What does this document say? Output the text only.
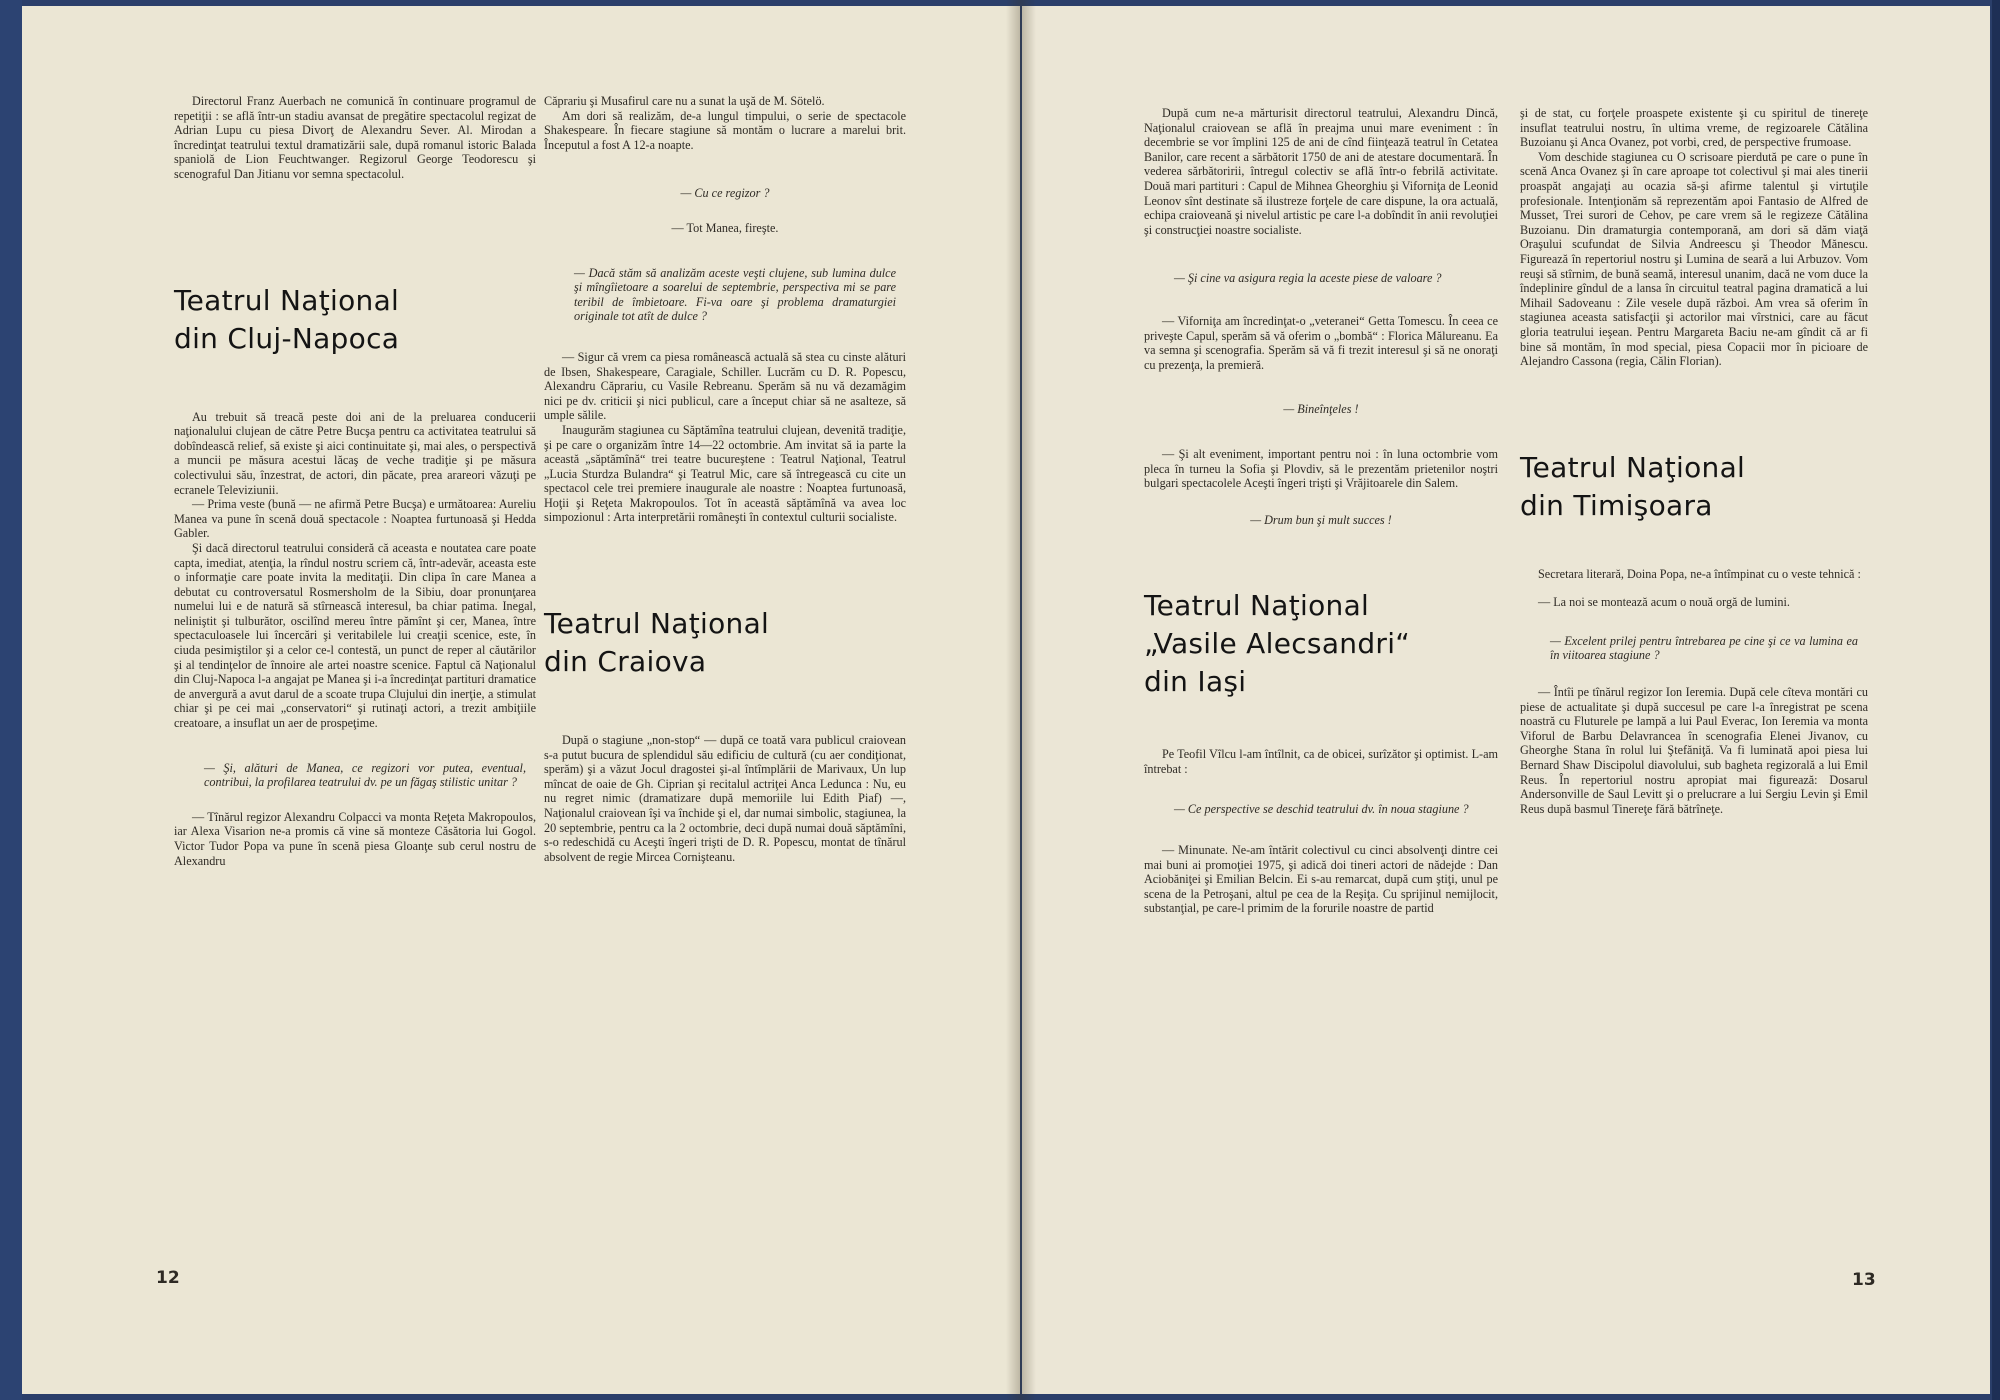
Directorul Franz Auerbach ne comunică în continuare programul de repetiţii : se află într-un stadiu avansat de pregătire spectacolul regizat de Adrian Lupu cu piesa Divorţ de Alexandru Sever. Al. Mirodan a încredinţat teatrului textul dramatizării sale, după romanul istoric Balada spaniolă de Lion Feuchtwanger. Regizorul George Teodorescu şi scenograful Dan Jitianu vor semna spectacolul.

Teatrul Naţional
din Cluj-Napoca

Au trebuit să treacă peste doi ani de la preluarea conducerii naţionalului clujean de către Petre Bucşa pentru ca activitatea teatrului să dobîndească relief, să existe şi aici continuitate şi, mai ales, o perspectivă a muncii pe măsura acestui lăcaş de veche tradiţie şi pe măsura colectivului său, înzestrat, de actori, din păcate, prea arareori văzuţi pe ecranele Televiziunii.

— Prima veste (bună — ne afirmă Petre Bucşa) e următoarea: Aureliu Manea va pune în scenă două spectacole : Noaptea furtunoasă şi Hedda Gabler.

Şi dacă directorul teatrului consideră că aceasta e noutatea care poate capta, imediat, atenţia, la rîndul nostru scriem că, într-adevăr, aceasta este o informaţie care poate invita la meditaţii. Din clipa în care Manea a debutat cu controversatul Rosmersholm de la Sibiu, doar pronunţarea numelui lui e de natură să stîrnească interesul, ba chiar patima. Inegal, neliniştit şi tulburător, oscilînd mereu între pămînt şi cer, Manea, între spectaculoasele lui încercări şi veritabilele lui creaţii scenice, este, în ciuda pesimiştilor şi a celor ce-l contestă, un punct de reper al căutărilor şi al tendinţelor de înnoire ale artei noastre scenice. Faptul că Naţionalul din Cluj-Napoca l-a angajat pe Manea şi i-a încredinţat partituri dramatice de anvergură a avut darul de a scoate trupa Clujului din inerţie, a stimulat chiar şi pe cei mai „conservatori“ şi rutinaţi actori, a trezit ambiţiile creatoare, a insuflat un aer de prospeţime.

— Şi, alături de Manea, ce regizori vor putea, eventual, contribui, la profilarea teatrului dv. pe un făgaş stilistic unitar ?

— Tînărul regizor Alexandru Colpacci va monta Reţeta Makropoulos, iar Alexa Visarion ne-a promis că vine să monteze Căsătoria lui Gogol. Victor Tudor Popa va pune în scenă piesa Gloanţe sub cerul nostru de Alexandru

Căprariu şi Musafirul care nu a sunat la uşă de M. Sötelö.

Am dori să realizăm, de-a lungul timpului, o serie de spectacole Shakespeare. În fiecare stagiune să montăm o lucrare a marelui brit. Începutul a fost A 12-a noapte.

— Cu ce regizor ?

— Tot Manea, fireşte.

— Dacă stăm să analizăm aceste veşti clujene, sub lumina dulce şi mîngîietoare a soarelui de septembrie, perspectiva mi se pare teribil de îmbietoare. Fi-va oare şi problema dramaturgiei originale tot atît de dulce ?

— Sigur că vrem ca piesa românească actuală să stea cu cinste alături de Ibsen, Shakespeare, Caragiale, Schiller. Lucrăm cu D. R. Popescu, Alexandru Căprariu, cu Vasile Rebreanu. Sperăm să nu vă dezamăgim nici pe dv. criticii şi nici publicul, care a început chiar să ne asalteze, să umple sălile.

Inaugurăm stagiunea cu Săptămîna teatrului clujean, devenită tradiţie, şi pe care o organizăm între 14—22 octombrie. Am invitat să ia parte la această „săptămînă“ trei teatre bucureştene : Teatrul Naţional, Teatrul „Lucia Sturdza Bulandra“ şi Teatrul Mic, care să întregească cu cite un spectacol cele trei premiere inaugurale ale noastre : Noaptea furtunoasă, Hoţii şi Reţeta Makropoulos. Tot în această săptămînă va avea loc simpozionul : Arta interpretării româneşti în contextul culturii socialiste.

Teatrul Naţional
din Craiova

După o stagiune „non-stop“ — după ce toată vara publicul craiovean s-a putut bucura de splendidul său edificiu de cultură (cu aer condiţionat, sperăm) şi a văzut Jocul dragostei şi-al întîmplării de Marivaux, Un lup mîncat de oaie de Gh. Ciprian şi recitalul actriţei Anca Ledunca : Nu, eu nu regret nimic (dramatizare după memoriile lui Edith Piaf) —, Naţionalul craiovean îşi va închide şi el, dar numai simbolic, stagiunea, la 20 septembrie, pentru ca la 2 octombrie, deci după numai două săptămîni, s-o redeschidă cu Aceşti îngeri trişti de D. R. Popescu, montat de tînărul absolvent de regie Mircea Cornişteanu.

12

După cum ne-a mărturisit directorul teatrului, Alexandru Dincă, Naţionalul craiovean se află în preajma unui mare eveniment : în decembrie se vor împlini 125 de ani de cînd fiinţează teatrul în Cetatea Banilor, care recent a sărbătorit 1750 de ani de atestare documentară. În vederea sărbătoririi, întregul colectiv se află într-o febrilă activitate. Două mari partituri : Capul de Mihnea Gheorghiu şi Viforniţa de Leonid Leonov sînt destinate să ilustreze forţele de care dispune, la ora actuală, echipa craioveană şi nivelul artistic pe care l-a dobîndit în anii revoluţiei şi construcţiei noastre socialiste.

— Şi cine va asigura regia la aceste piese de valoare ?

— Viforniţa am încredinţat-o „veteranei“ Getta Tomescu. În ceea ce priveşte Capul, sperăm să vă oferim o „bombă“ : Florica Mălureanu. Ea va semna şi scenografia. Sperăm să vă fi trezit interesul şi să ne onoraţi cu prezenţa, la premieră.

— Bineînţeles !

— Şi alt eveniment, important pentru noi : în luna octombrie vom pleca în turneu la Sofia şi Plovdiv, să le prezentăm prietenilor noştri bulgari spectacolele Aceşti îngeri trişti şi Vrăjitoarele din Salem.

— Drum bun şi mult succes !

Teatrul Naţional
„Vasile Alecsandri“
din Iaşi

Pe Teofil Vîlcu l-am întîlnit, ca de obicei, surîzător şi optimist. L-am întrebat :

— Ce perspective se deschid teatrului dv. în noua stagiune ?

— Minunate. Ne-am întărit colectivul cu cinci absolvenţi dintre cei mai buni ai promoţiei 1975, şi adică doi tineri actori de nădejde : Dan Aciobăniţei şi Emilian Belcin. Ei s-au remarcat, după cum ştiţi, unul pe scena de la Petroşani, altul pe cea de la Reşiţa. Cu sprijinul nemijlocit, substanţial, pe care-l primim de la forurile noastre de partid

şi de stat, cu forţele proaspete existente şi cu spiritul de tinereţe insuflat teatrului nostru, în ultima vreme, de regizoarele Cătălina Buzoianu şi Anca Ovanez, pot vorbi, cred, de perspective frumoase.

Vom deschide stagiunea cu O scrisoare pierdută pe care o pune în scenă Anca Ovanez şi în care aproape tot colectivul şi mai ales tinerii proaspăt angajaţi au ocazia să-şi afirme talentul şi virtuţile profesionale. Intenţionăm să reprezentăm apoi Fantasio de Alfred de Musset, Trei surori de Cehov, pe care vrem să le regizeze Cătălina Buzoianu. Din dramaturgia contemporană, am dori să dăm viaţă Oraşului scufundat de Silvia Andreescu şi Theodor Mănescu. Figurează în repertoriul nostru şi Lumina de seară a lui Arbuzov. Vom reuşi să stîrnim, de bună seamă, interesul unanim, dacă ne vom duce la îndeplinire gîndul de a lansa în circuitul teatral pagina dramatică a lui Mihail Sadoveanu : Zile vesele după război. Am vrea să oferim în stagiunea aceasta satisfacţii şi actorilor mai vîrstnici, care au făcut gloria teatrului ieşean. Pentru Margareta Baciu ne-am gîndit că ar fi bine să montăm, în mod special, piesa Copacii mor în picioare de Alejandro Cassona (regia, Călin Florian).

Teatrul Naţional
din Timişoara

Secretara literară, Doina Popa, ne-a întîmpinat cu o veste tehnică :

— La noi se montează acum o nouă orgă de lumini.

— Excelent prilej pentru întrebarea pe cine şi ce va lumina ea în viitoarea stagiune ?

— Întîi pe tînărul regizor Ion Ieremia. După cele cîteva montări cu piese de actualitate şi după succesul pe care l-a înregistrat pe scena noastră cu Fluturele pe lampă a lui Paul Everac, Ion Ieremia va monta Viforul de Barbu Delavrancea în scenografia Elenei Jivanov, cu Gheorghe Stana în rolul lui Ştefăniţă. Va fi luminată apoi piesa lui Bernard Shaw Discipolul diavolului, sub bagheta regizorală a lui Emil Reus. În repertoriul nostru apropiat mai figurează: Dosarul Andersonville de Saul Levitt şi o prelucrare a lui Sergiu Levin şi Emil Reus după basmul Tinereţe fără bătrîneţe.

13
